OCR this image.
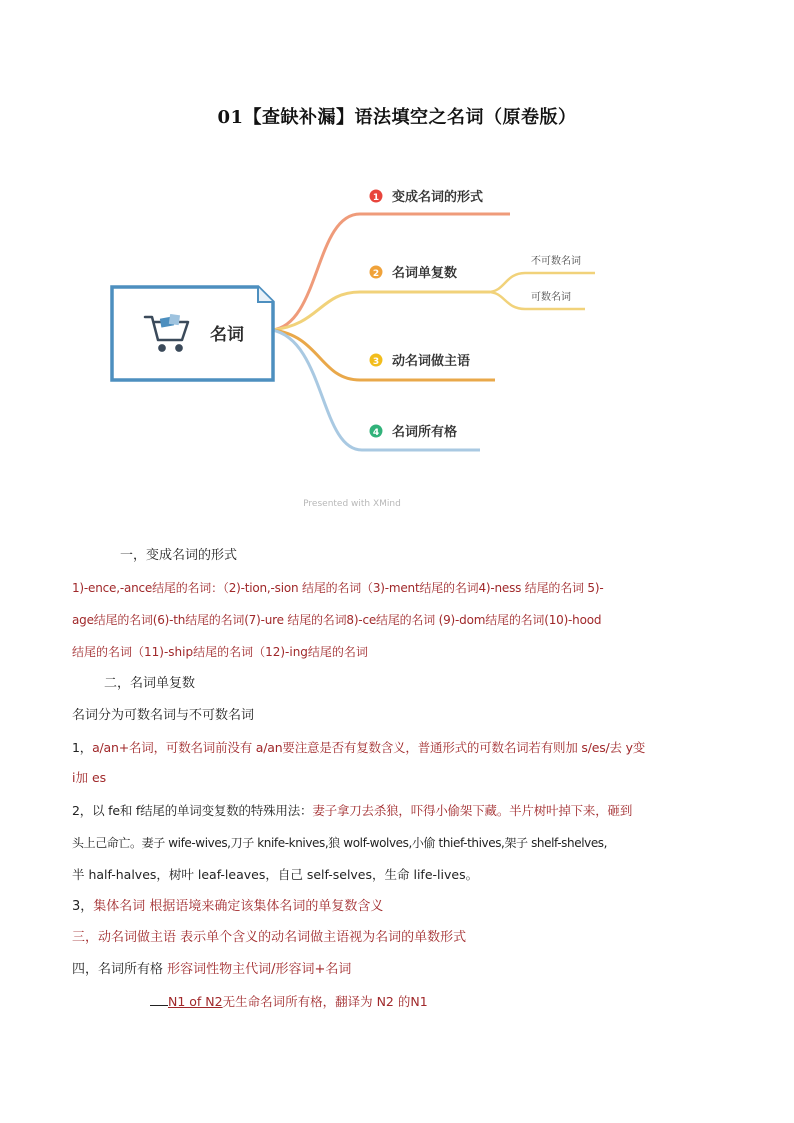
01【查缺补漏】语法填空之名词（原卷版）
名词
1 变成名词的形式
2 名词单复数
不可数名词
可数名词
3 动名词做主语
4 名词所有格
Presented with XMind
一，变成名词的形式
1)-ence,-ance结尾的名词：（2)-tion,-sion 结尾的名词（3)-ment结尾的名词4)-ness 结尾的名词 5)-
age结尾的名词(6)-th结尾的名词(7)-ure 结尾的名词8)-ce结尾的名词 (9)-dom结尾的名词(10)-hood
结尾的名词（11)-ship结尾的名词（12)-ing结尾的名词
二，名词单复数
名词分为可数名词与不可数名词
1，a/an+名词，可数名词前没有 a/an要注意是否有复数含义，普通形式的可数名词若有则加 s/es/去 y变
i加 es
2，以 fe和 f结尾的单词变复数的特殊用法：妻子拿刀去杀狼，吓得小偷架下藏。半片树叶掉下来，砸到
头上己命亡。妻子 wife-wives,刀子 knife-knives,狼 wolf-wolves,小偷 thief-thives,架子 shelf-shelves,
半 half-halves，树叶 leaf-leaves，自己 self-selves，生命 life-lives。
3，集体名词 根据语境来确定该集体名词的单复数含义
三，动名词做主语 表示单个含义的动名词做主语视为名词的单数形式
四，名词所有格 形容词性物主代词/形容词+名词
N1 of N2无生命名词所有格，翻译为 N2 的N1
